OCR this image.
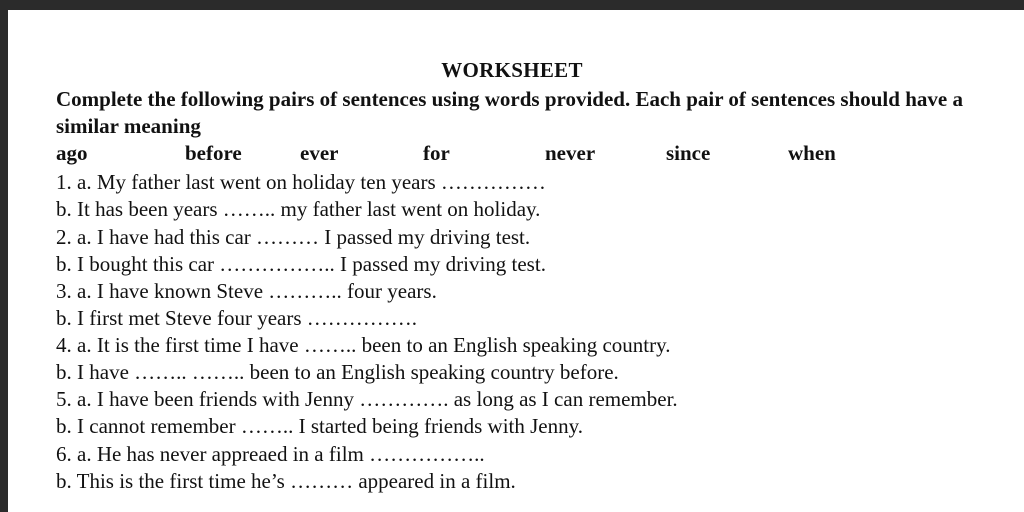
WORKSHEET
Complete the following pairs of sentences using words provided. Each pair of sentences should have a similar meaning
ago	before	ever	for	never	since	when
1. a. My father last went on holiday ten years ……………
b. It has been years …….. my father last went on holiday.
2. a. I have had this car ……… I passed my driving test.
b. I bought this car …………….. I passed my driving test.
3. a. I have known Steve ……….. four years.
b. I first met Steve four years …………….
4. a. It is the first time I have …….. been to an English speaking country.
b. I have …….. …….. been to an English speaking country before.
5. a. I have been friends with Jenny …………. as long as I can remember.
b. I cannot remember …….. I started being friends with Jenny.
6. a. He has never appreaed in a film ……………..
b. This is the first time he’s ……… appeared in a film.
